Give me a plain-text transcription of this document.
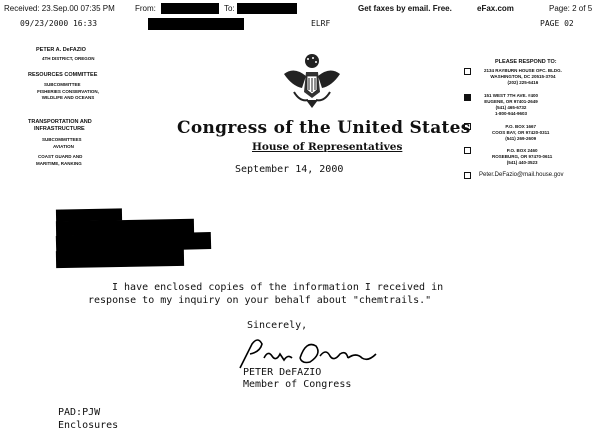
Received: 23.Sep.00 07:35 PM	From:	To:	Get faxes by email. Free.	eFax.com	Page: 2 of 5
09/23/2000 16:33	ELRF	PAGE 02
PETER A. DeFAZIO
4TH DISTRICT, OREGON
RESOURCES COMMITTEE
SUBCOMMITTEE
FISHERIES CONSERVATION, WILDLIFE AND OCEANS
TRANSPORTATION AND
INFRASTRUCTURE
SUBCOMMITTEES
AVIATION
COAST GUARD AND
MARITIME, RANKING
Congress of the United States
House of Representatives
September 14, 2000
PLEASE RESPOND TO:
2134 RAYBURN HOUSE OFC. BLDG.
WASHINGTON, DC 20515-3704
(202) 225-6416
151 WEST 7TH AVE. #400
EUGENE, OR 97401-2649
(541) 465-6732
1-800-944-9603
P.O. BOX 1667
COOS BAY, OR 97420-0311
(541) 269-2609
P.O. BOX 2460
ROSEBURG, OR 97470-0611
(541) 440-3523
Peter.DeFazio@mail.house.gov
I have enclosed copies of the information I received in
response to my inquiry on your behalf about "chemtrails."
Sincerely,
PETER DeFAZIO
Member of Congress
PAD:PJW
Enclosures
